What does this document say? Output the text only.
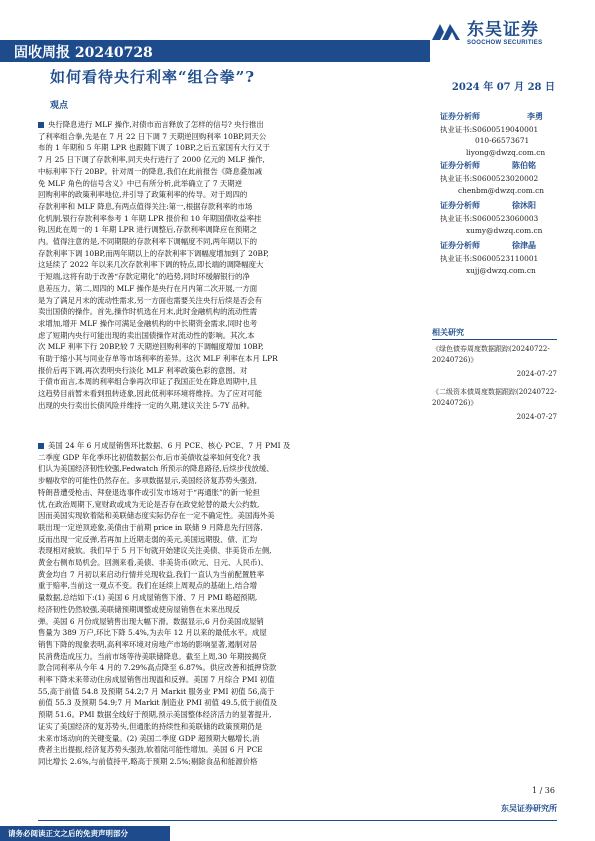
东吴证券
SOOCHOW SECURITIES
固收周报 20240728
如何看待央行利率“组合拳”?
2024 年 07 月 28 日
观点
央行降息进行 MLF 操作,对债市而言释放了怎样的信号? 央行推出
了利率组合拳,先是在 7 月 22 日下调 7 天期逆回购利率 10BP,同天公
布的 1 年期和 5 年期 LPR 也跟随下调了 10BP,之后五家国有大行又于
7 月 25 日下调了存款利率,同天央行进行了 2000 亿元的 MLF 操作,
中标利率下行 20BP。针对周一的降息,我们在此前报告《降息叠加减
免 MLF 角色的信号含义》中已有所分析,此举确立了 7 天期逆
回购利率的政策利率地位,并引导了政策利率的传导。对于周四的
存款利率和 MLF 降息,有两点值得关注:第一,根据存款利率的市场
化机制,银行存款利率参考 1 年期 LPR 报价和 10 年期国债收益率挂
钩,因此在周一的 1 年期 LPR 进行调整后,存款利率调降应在预期之
内。值得注意的是,不同期限的存款利率下调幅度不同,两年期以下的
存款利率下调 10BP,而两年期以上的存款利率下调幅度增加到了 20BP,
这延续了 2022 年以来几次存款利率下调的特点,即长端的调降幅度大
于短端,这将有助于改善“存款定期化”的趋势,同时环缓解银行的净
息差压力。第二,周四的 MLF 操作是央行在月内第二次开展,一方面
是为了满足月末的流动性需求,另一方面也需要关注央行后续是否会有
卖出国债的操作。首先,操作时机选在月末,此时金融机构的流动性需
求增加,增开 MLF 操作可满足金融机构的中长期资金需求,同时也考
虑了短期内央行可能出现的卖出国债操作对流动性的影响。其次,本
次 MLF 利率下行 20BP,较 7 天期逆回购利率的下调幅度增加 10BP,
有助于缩小其与同业存单等市场利率的差异。这次 MLF 利率在本月 LPR
报价后再下调,再次表明央行淡化 MLF 利率政策色彩的意图。对
于债市而言,本周的利率组合拳再次印证了我国正处在降息周期中,且
这趋势目前暂未看到扭转迹象,因此低利率环境将维持。为了应对可能
出现的央行卖出长债风险并维持一定的久期,建议关注 5-7Y 品种。
美国 24 年 6 月成屋销售环比数据、6 月 PCE、核心 PCE、7 月 PMI 及
二季度 GDP 年化季环比初值数据公布,后市美债收益率如何变化? 我
们认为美国经济韧性较强,Fedwatch 所预示的降息路径,后续步伐放缓、
步幅收窄的可能性仍然存在。多项数据显示,美国经济复苏势头强劲,
特朗普遭受枪击、拜登退选事件或引发市场对于“再通胀”的新一轮担
忧,在政治周期下,宽财政或成为无论是否存在政党轮替的最大公约数,
因而美国实现软着陆和美联储态度实际仍存在一定不确定性。美国海外美
联出现一定逆顶迹象,美债由于前期 price in 联储 9 月降息先行回落,
反而出现一定反弹,若再加上近期走弱的美元,美国远期股、债、汇均
表现相对疲软。我们早于 5 月下旬就开始建议关注美债、非美货币左侧,
黄金右侧布局机会。回测来看,美债、非美货币(欧元、日元、人民币)、
黄金均自 7 月初以来启动行情并兑现收益,我们一直认为当前配置胜率
重于赔率,当前这一观点不变。我们在延续上周观点的基础上,结合增
量数据,总结如下:(1) 美国 6 月成屋销售下滑、7 月 PMI 略超预期,
经济韧性仍然较强,美联储预期调整或使房屋销售在未来出现反
弹。美国 6 月份成屋销售出现大幅下滑。数据显示,6 月份美国成屋销
售量为 389 万户,环比下降 5.4%,为去年 12 月以来的最低水平。成屋
销售下降的现象表明,高利率环境对房地产市场的影响显著,遏制对居
民消费造成压力。当前市场等待美联储降息。截至上周,30 年期按揭贷
款合同利率从今年 4 月的 7.29%高点降至 6.87%。供应改善和抵押贷款
利率下降未来带动住房成屋销售出现温和反弹。美国 7 月综合 PMI 初值
55,高于前值 54.8 及预期 54.2;7 月 Markit 服务业 PMI 初值 56,高于
前值 55.3 及预期 54.9;7 月 Markit 制造业 PMI 初值 49.5,低于前值及
预期 51.6。PMI 数据全线好于预期,预示美国整体经济活力的显著提升,
证实了美国经济的复苏势头,但通胀的持续性和美联储的政策预期仍是
未来市场动向的关键变量。(2) 美国二季度 GDP 超预期大幅增长,消
费者主出提振,经济复苏势头强劲,软着陆可能性增加。美国 6 月 PCE
同比增长 2.6%,与前值持平,略高于预期 2.5%;剔除食品和能源价格
证券分析师	李勇
执业证书:S0600519040001
010-66573671
liyong@dwzq.com.cn
证券分析师	陈伯铭
执业证书:S0600523020002
chenbm@dwzq.com.cn
证券分析师	徐沐阳
执业证书:S0600523060003
xumy@dwzq.com.cn
证券分析师	徐津晶
执业证书:S0600523110001
xujj@dwzq.com.cn
相关研究
《绿色债券周度数据跟踪(20240722-20240726)》
2024-07-27
《二级资本债周度数据跟踪(20240722-20240726)》
2024-07-27
1 / 36
东吴证券研究所
请务必阅读正文之后的免责声明部分
